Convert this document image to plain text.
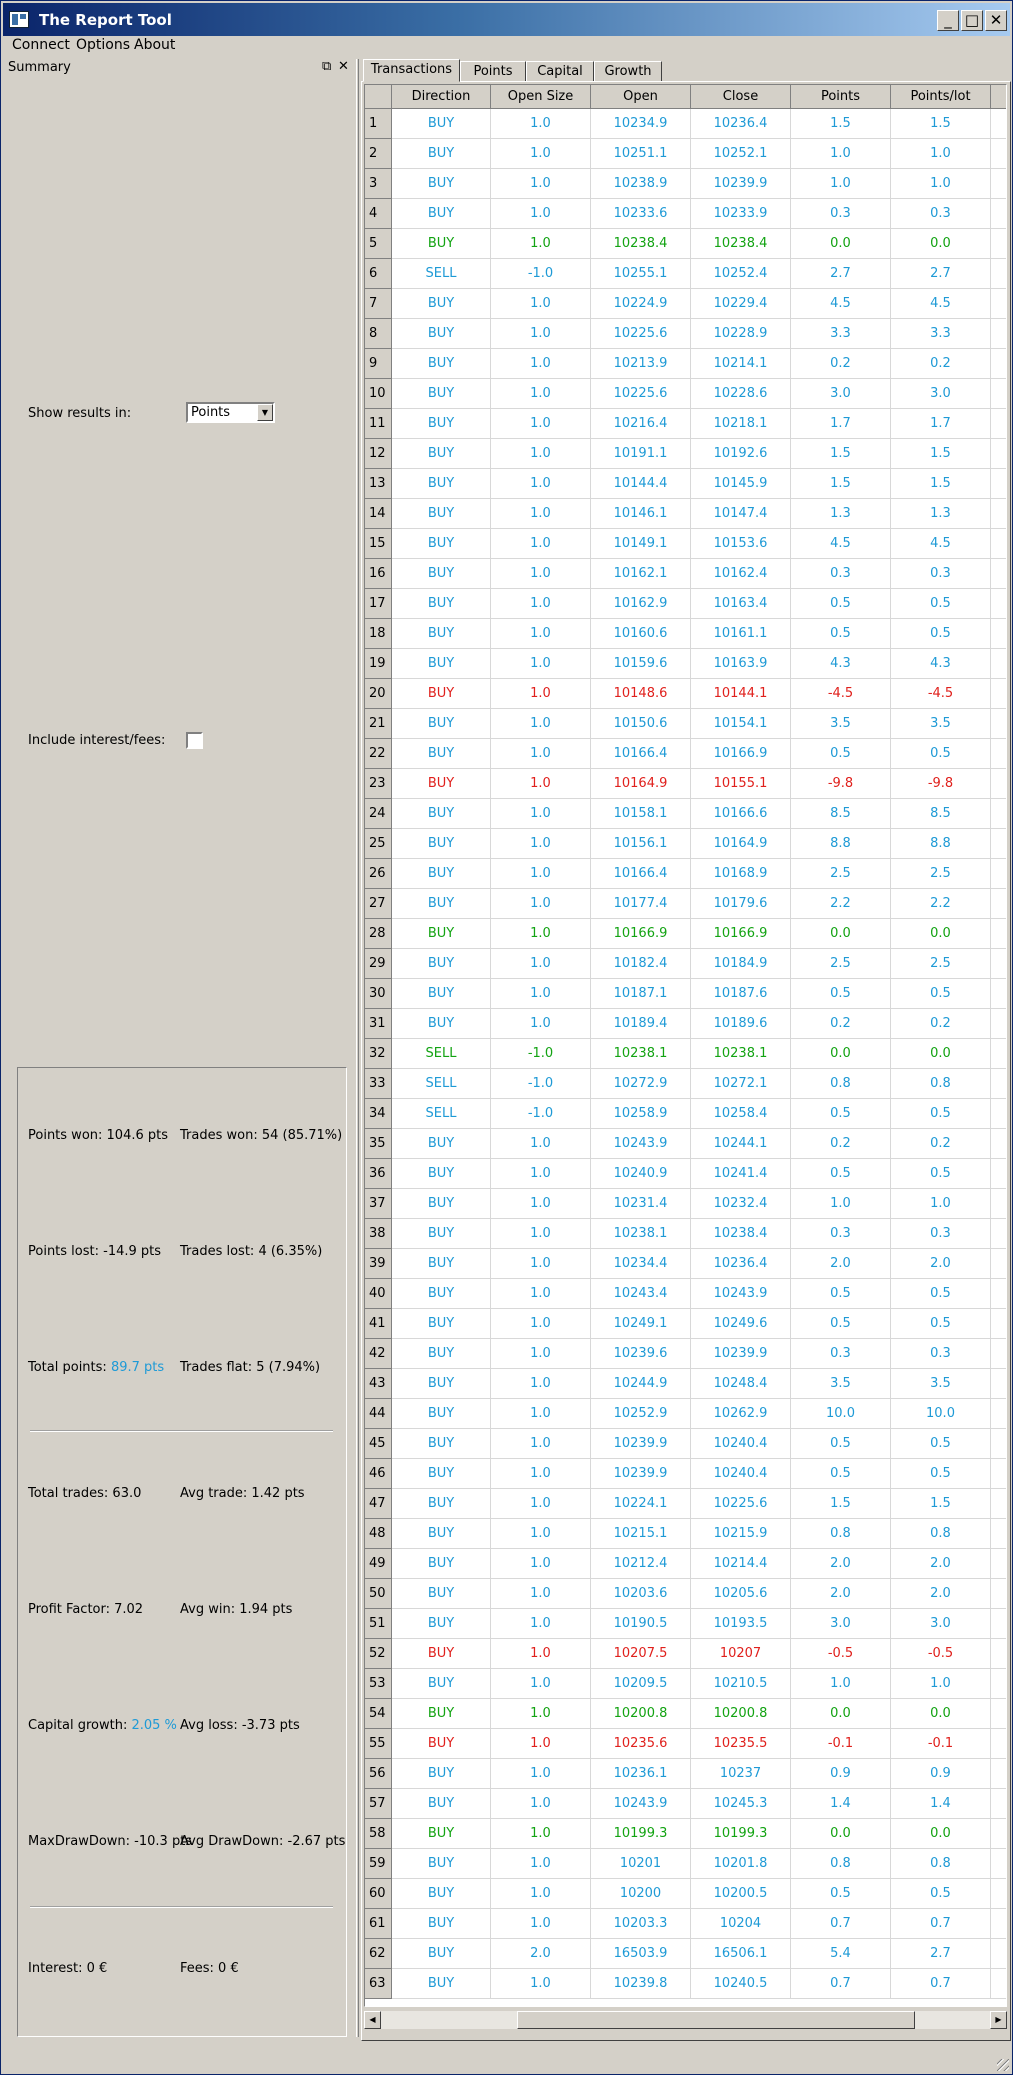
The Report Tool	_ □ ✕
Connect Options About
Summary	⧉ ✕
Show results in:	Points	▼
Include interest/fees:
Points won: 104.6 pts Trades won: 54 (85.71%)
Points lost: -14.9 pts Trades lost: 4 (6.35%)
Total points: 89.7 pts Trades flat: 5 (7.94%)
Total trades: 63.0	Avg trade: 1.42 pts
Profit Factor: 7.02	Avg win: 1.94 pts
Capital growth: 2.05 % Avg loss: -3.73 pts
MaxDrawDown: -10.3 pts
Avg DrawDown: -2.67 pts
Interest: 0 €	Fees: 0 €
Transactions	Points	Capital	Growth
Direction	Open Size	Open	Close	Points	Points/lot
1	BUY	1.0	10234.9	10236.4	1.5	1.5
2	BUY	1.0	10251.1	10252.1	1.0	1.0
3	BUY	1.0	10238.9	10239.9	1.0	1.0
4	BUY	1.0	10233.6	10233.9	0.3	0.3
5	BUY	1.0	10238.4	10238.4	0.0	0.0
6	SELL	-1.0	10255.1	10252.4	2.7	2.7
7	BUY	1.0	10224.9	10229.4	4.5	4.5
8	BUY	1.0	10225.6	10228.9	3.3	3.3
9	BUY	1.0	10213.9	10214.1	0.2	0.2
10	BUY	1.0	10225.6	10228.6	3.0	3.0
11	BUY	1.0	10216.4	10218.1	1.7	1.7
12	BUY	1.0	10191.1	10192.6	1.5	1.5
13	BUY	1.0	10144.4	10145.9	1.5	1.5
14	BUY	1.0	10146.1	10147.4	1.3	1.3
15	BUY	1.0	10149.1	10153.6	4.5	4.5
16	BUY	1.0	10162.1	10162.4	0.3	0.3
17	BUY	1.0	10162.9	10163.4	0.5	0.5
18	BUY	1.0	10160.6	10161.1	0.5	0.5
19	BUY	1.0	10159.6	10163.9	4.3	4.3
20	BUY	1.0	10148.6	10144.1	-4.5	-4.5
21	BUY	1.0	10150.6	10154.1	3.5	3.5
22	BUY	1.0	10166.4	10166.9	0.5	0.5
23	BUY	1.0	10164.9	10155.1	-9.8	-9.8
24	BUY	1.0	10158.1	10166.6	8.5	8.5
25	BUY	1.0	10156.1	10164.9	8.8	8.8
26	BUY	1.0	10166.4	10168.9	2.5	2.5
27	BUY	1.0	10177.4	10179.6	2.2	2.2
28	BUY	1.0	10166.9	10166.9	0.0	0.0
29	BUY	1.0	10182.4	10184.9	2.5	2.5
30	BUY	1.0	10187.1	10187.6	0.5	0.5
31	BUY	1.0	10189.4	10189.6	0.2	0.2
32	SELL	-1.0	10238.1	10238.1	0.0	0.0
33	SELL	-1.0	10272.9	10272.1	0.8	0.8
34	SELL	-1.0	10258.9	10258.4	0.5	0.5
35	BUY	1.0	10243.9	10244.1	0.2	0.2
36	BUY	1.0	10240.9	10241.4	0.5	0.5
37	BUY	1.0	10231.4	10232.4	1.0	1.0
38	BUY	1.0	10238.1	10238.4	0.3	0.3
39	BUY	1.0	10234.4	10236.4	2.0	2.0
40	BUY	1.0	10243.4	10243.9	0.5	0.5
41	BUY	1.0	10249.1	10249.6	0.5	0.5
42	BUY	1.0	10239.6	10239.9	0.3	0.3
43	BUY	1.0	10244.9	10248.4	3.5	3.5
44	BUY	1.0	10252.9	10262.9	10.0	10.0
45	BUY	1.0	10239.9	10240.4	0.5	0.5
46	BUY	1.0	10239.9	10240.4	0.5	0.5
47	BUY	1.0	10224.1	10225.6	1.5	1.5
48	BUY	1.0	10215.1	10215.9	0.8	0.8
49	BUY	1.0	10212.4	10214.4	2.0	2.0
50	BUY	1.0	10203.6	10205.6	2.0	2.0
51	BUY	1.0	10190.5	10193.5	3.0	3.0
52	BUY	1.0	10207.5	10207	-0.5	-0.5
53	BUY	1.0	10209.5	10210.5	1.0	1.0
54	BUY	1.0	10200.8	10200.8	0.0	0.0
55	BUY	1.0	10235.6	10235.5	-0.1	-0.1
56	BUY	1.0	10236.1	10237	0.9	0.9
57	BUY	1.0	10243.9	10245.3	1.4	1.4
58	BUY	1.0	10199.3	10199.3	0.0	0.0
59	BUY	1.0	10201	10201.8	0.8	0.8
60	BUY	1.0	10200	10200.5	0.5	0.5
61	BUY	1.0	10203.3	10204	0.7	0.7
62	BUY	2.0	16503.9	16506.1	5.4	2.7
63	BUY	1.0	10239.8	10240.5	0.7	0.7
◀	▶
